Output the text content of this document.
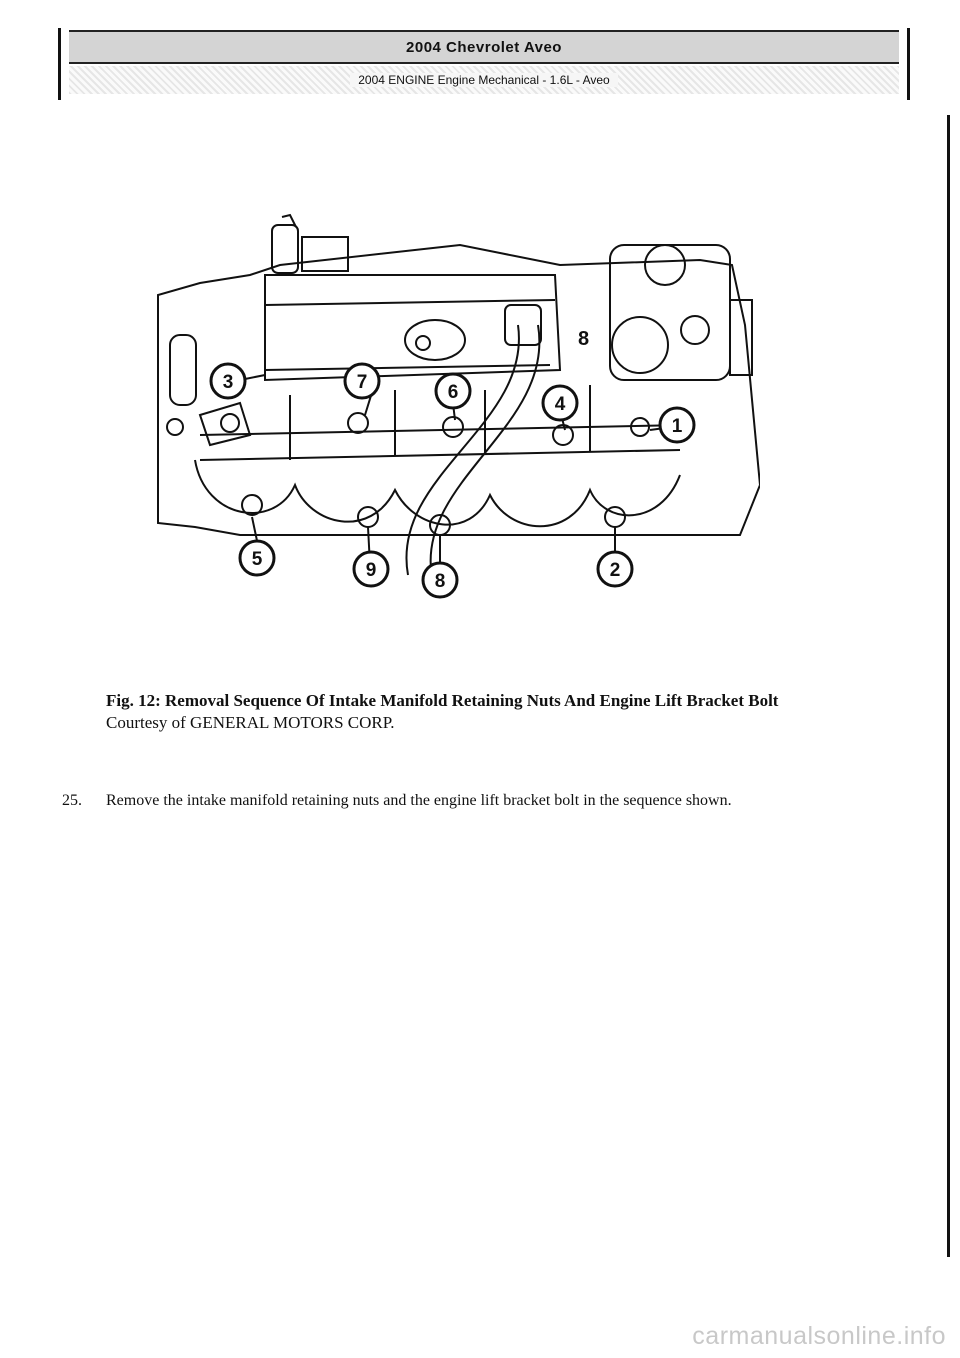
2004 Chevrolet Aveo
2004 ENGINE Engine Mechanical - 1.6L - Aveo
8
3	7	6
4
1
5
9
8
2
Fig. 12: Removal Sequence Of Intake Manifold Retaining Nuts And Engine Lift Bracket Bolt
Courtesy of GENERAL MOTORS CORP.
25. Remove the intake manifold retaining nuts and the engine lift bracket bolt in the sequence shown.
carmanualsonline.info
